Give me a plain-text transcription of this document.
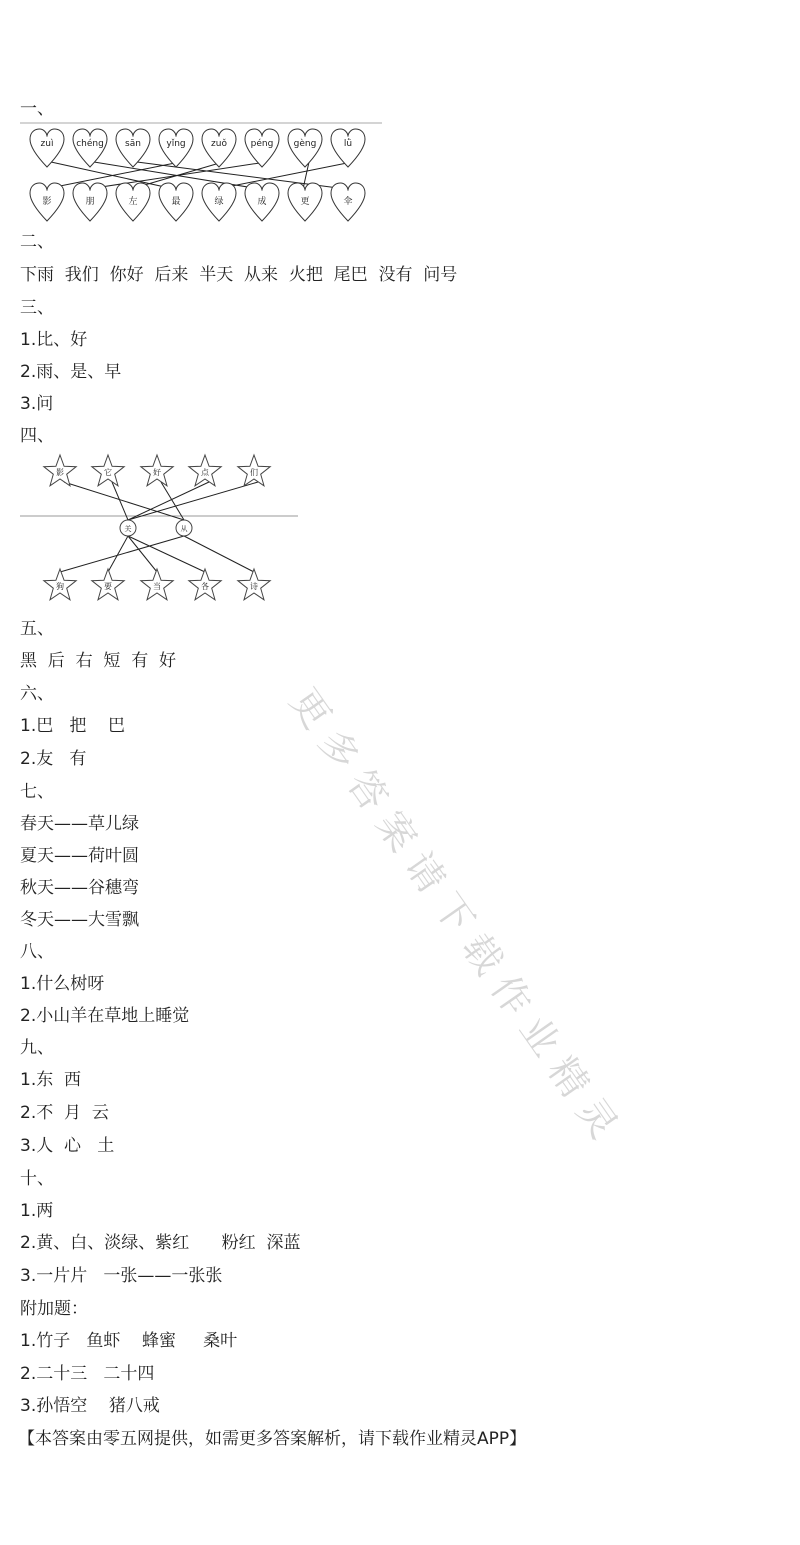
一、
zuì	chéng sān	yǐng	zuǒ	péng gèng	lǜ
影	朋	左	最	绿	成	更	伞
二、
下雨  我们  你好  后来  半天  从来  火把  尾巴  没有  问号
三、
1.比、好
2.雨、是、早
3.问
四、
影	它	好	点	们
关	从
狗	要	当	各	诗
五、
黑  后  右  短  有  好
六、
1.巴   把    巴
2.友   有
七、
春天——草儿绿
夏天——荷叶圆
秋天——谷穗弯
冬天——大雪飘
八、
1.什么树呀
2.小山羊在草地上睡觉
九、
1.东  西
2.不  月  云
3.人  心   土
十、
1.两
2.黄、白、淡绿、紫红      粉红  深蓝
3.一片片   一张——一张张
附加题：
1.竹子   鱼虾    蜂蜜     桑叶
2.二十三   二十四
3.孙悟空    猪八戒
【本答案由零五网提供，如需更多答案解析，请下载作业精灵APP】
更多答案请下载作业精灵
